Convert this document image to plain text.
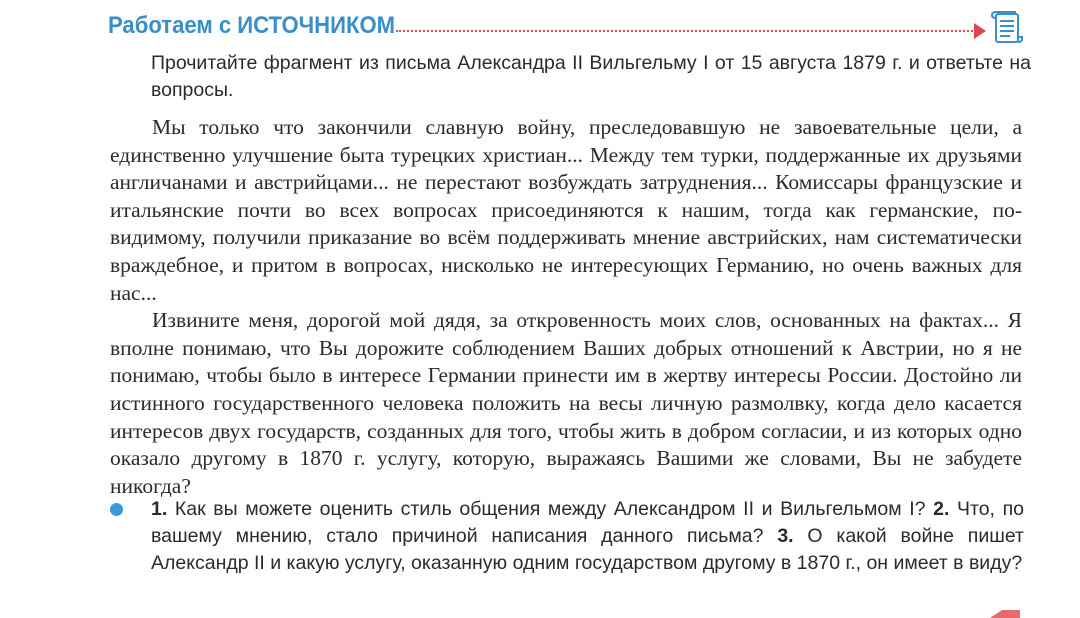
Работаем с ИСТОЧНИКОМ
Прочитайте фрагмент из письма Александра II Вильгельму I от 15 августа 1879 г. и ответьте на вопросы.

Мы только что закончили славную войну, преследовавшую не завоевательные цели, а единственно улучшение быта турецких христиан... Между тем турки, поддержанные их друзьями англичанами и австрийцами... не перестают возбуждать затруднения... Комиссары французские и итальянские почти во всех вопросах присоединяются к нашим, тогда как германские, по-видимому, получили приказание во всём поддерживать мнение австрийских, нам систематически враждебное, и притом в вопросах, нисколько не интересующих Германию, но очень важных для нас...

Извините меня, дорогой мой дядя, за откровенность моих слов, основанных на фактах... Я вполне понимаю, что Вы дорожите соблюдением Ваших добрых отношений к Австрии, но я не понимаю, чтобы было в интересе Германии принести им в жертву интересы России. Достойно ли истинного государственного человека положить на весы личную размолвку, когда дело касается интересов двух государств, созданных для того, чтобы жить в добром согласии, и из которых одно оказало другому в 1870 г. услугу, которую, выражаясь Вашими же словами, Вы не забудете никогда?

1. Как вы можете оценить стиль общения между Александром II и Вильгельмом I? 2. Что, по вашему мнению, стало причиной написания данного письма? 3. О какой войне пишет Александр II и какую услугу, оказанную одним государством другому в 1870 г., он имеет в виду?
